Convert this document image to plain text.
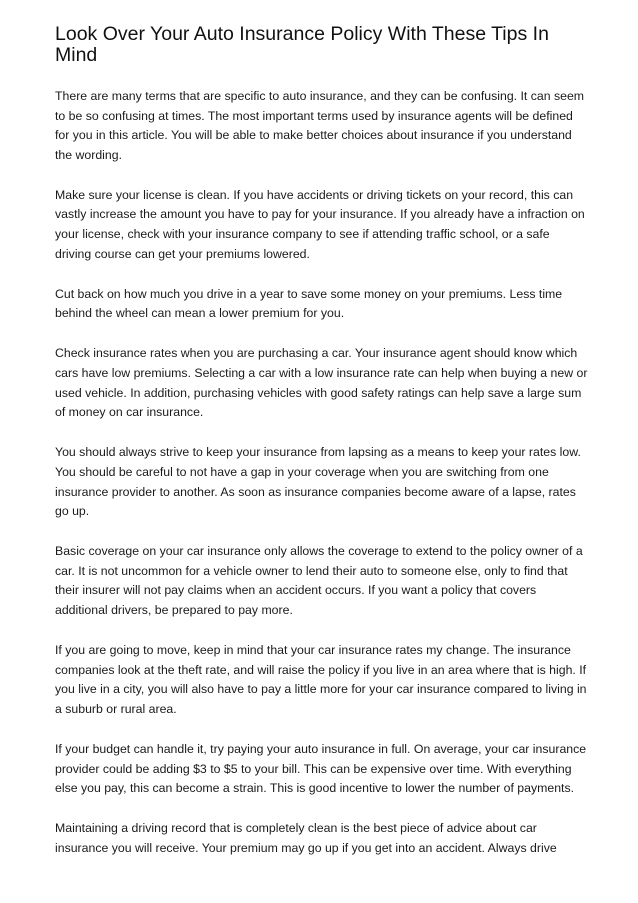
Look Over Your Auto Insurance Policy With These Tips In Mind

There are many terms that are specific to auto insurance, and they can be confusing. It can seem to be so confusing at times. The most important terms used by insurance agents will be defined for you in this article. You will be able to make better choices about insurance if you understand the wording.

Make sure your license is clean. If you have accidents or driving tickets on your record, this can vastly increase the amount you have to pay for your insurance. If you already have a infraction on your license, check with your insurance company to see if attending traffic school, or a safe driving course can get your premiums lowered.

Cut back on how much you drive in a year to save some money on your premiums. Less time behind the wheel can mean a lower premium for you.

Check insurance rates when you are purchasing a car. Your insurance agent should know which cars have low premiums. Selecting a car with a low insurance rate can help when buying a new or used vehicle. In addition, purchasing vehicles with good safety ratings can help save a large sum of money on car insurance.

You should always strive to keep your insurance from lapsing as a means to keep your rates low. You should be careful to not have a gap in your coverage when you are switching from one insurance provider to another. As soon as insurance companies become aware of a lapse, rates go up.

Basic coverage on your car insurance only allows the coverage to extend to the policy owner of a car. It is not uncommon for a vehicle owner to lend their auto to someone else, only to find that their insurer will not pay claims when an accident occurs. If you want a policy that covers additional drivers, be prepared to pay more.

If you are going to move, keep in mind that your car insurance rates my change. The insurance companies look at the theft rate, and will raise the policy if you live in an area where that is high. If you live in a city, you will also have to pay a little more for your car insurance compared to living in a suburb or rural area.

If your budget can handle it, try paying your auto insurance in full. On average, your car insurance provider could be adding $3 to $5 to your bill. This can be expensive over time. With everything else you pay, this can become a strain. This is good incentive to lower the number of payments.

Maintaining a driving record that is completely clean is the best piece of advice about car insurance you will receive. Your premium may go up if you get into an accident. Always drive
